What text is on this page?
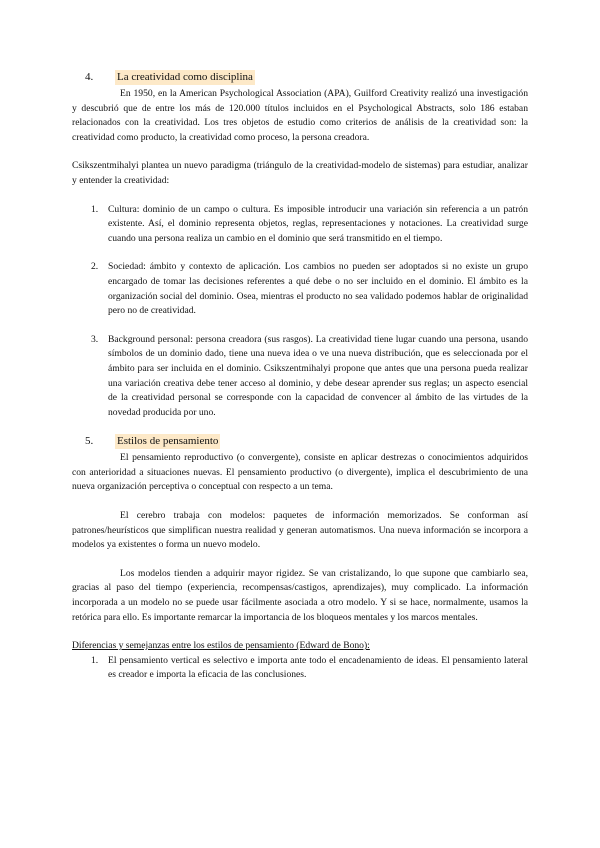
4.	La creatividad como disciplina

En 1950, en la American Psychological Association (APA), Guilford Creativity realizó una investigación y descubrió que de entre los más de 120.000 títulos incluidos en el Psychological Abstracts, solo 186 estaban relacionados con la creatividad. Los tres objetos de estudio como criterios de análisis de la creatividad son: la creatividad como producto, la creatividad como proceso, la persona creadora.

Csikszentmihalyi plantea un nuevo paradigma (triángulo de la creatividad-modelo de sistemas) para estudiar, analizar y entender la creatividad:

1. Cultura: dominio de un campo o cultura. Es imposible introducir una variación sin referencia a un patrón existente. Así, el dominio representa objetos, reglas, representaciones y notaciones. La creatividad surge cuando una persona realiza un cambio en el dominio que será transmitido en el tiempo.
2. Sociedad: ámbito y contexto de aplicación. Los cambios no pueden ser adoptados si no existe un grupo encargado de tomar las decisiones referentes a qué debe o no ser incluido en el dominio. El ámbito es la organización social del dominio. Osea, mientras el producto no sea validado podemos hablar de originalidad pero no de creatividad.
3. Background personal: persona creadora (sus rasgos). La creatividad tiene lugar cuando una persona, usando símbolos de un dominio dado, tiene una nueva idea o ve una nueva distribución, que es seleccionada por el ámbito para ser incluida en el dominio. Csikszentmihalyi propone que antes que una persona pueda realizar una variación creativa debe tener acceso al dominio, y debe desear aprender sus reglas; un aspecto esencial de la creatividad personal se corresponde con la capacidad de convencer al ámbito de las virtudes de la novedad producida por uno.
5.	Estilos de pensamiento

El pensamiento reproductivo (o convergente), consiste en aplicar destrezas o conocimientos adquiridos con anterioridad a situaciones nuevas. El pensamiento productivo (o divergente), implica el descubrimiento de una nueva organización perceptiva o conceptual con respecto a un tema.

El cerebro trabaja con modelos: paquetes de información memorizados. Se conforman así patrones/heurísticos que simplifican nuestra realidad y generan automatismos. Una nueva información se incorpora a modelos ya existentes o forma un nuevo modelo.

Los modelos tienden a adquirir mayor rigidez. Se van cristalizando, lo que supone que cambiarlo sea, gracias al paso del tiempo (experiencia, recompensas/castigos, aprendizajes), muy complicado. La información incorporada a un modelo no se puede usar fácilmente asociada a otro modelo. Y si se hace, normalmente, usamos la retórica para ello. Es importante remarcar la importancia de los bloqueos mentales y los marcos mentales.

Diferencias y semejanzas entre los estilos de pensamiento (Edward de Bono):

1. El pensamiento vertical es selectivo e importa ante todo el encadenamiento de ideas. El pensamiento lateral es creador e importa la eficacia de las conclusiones.
